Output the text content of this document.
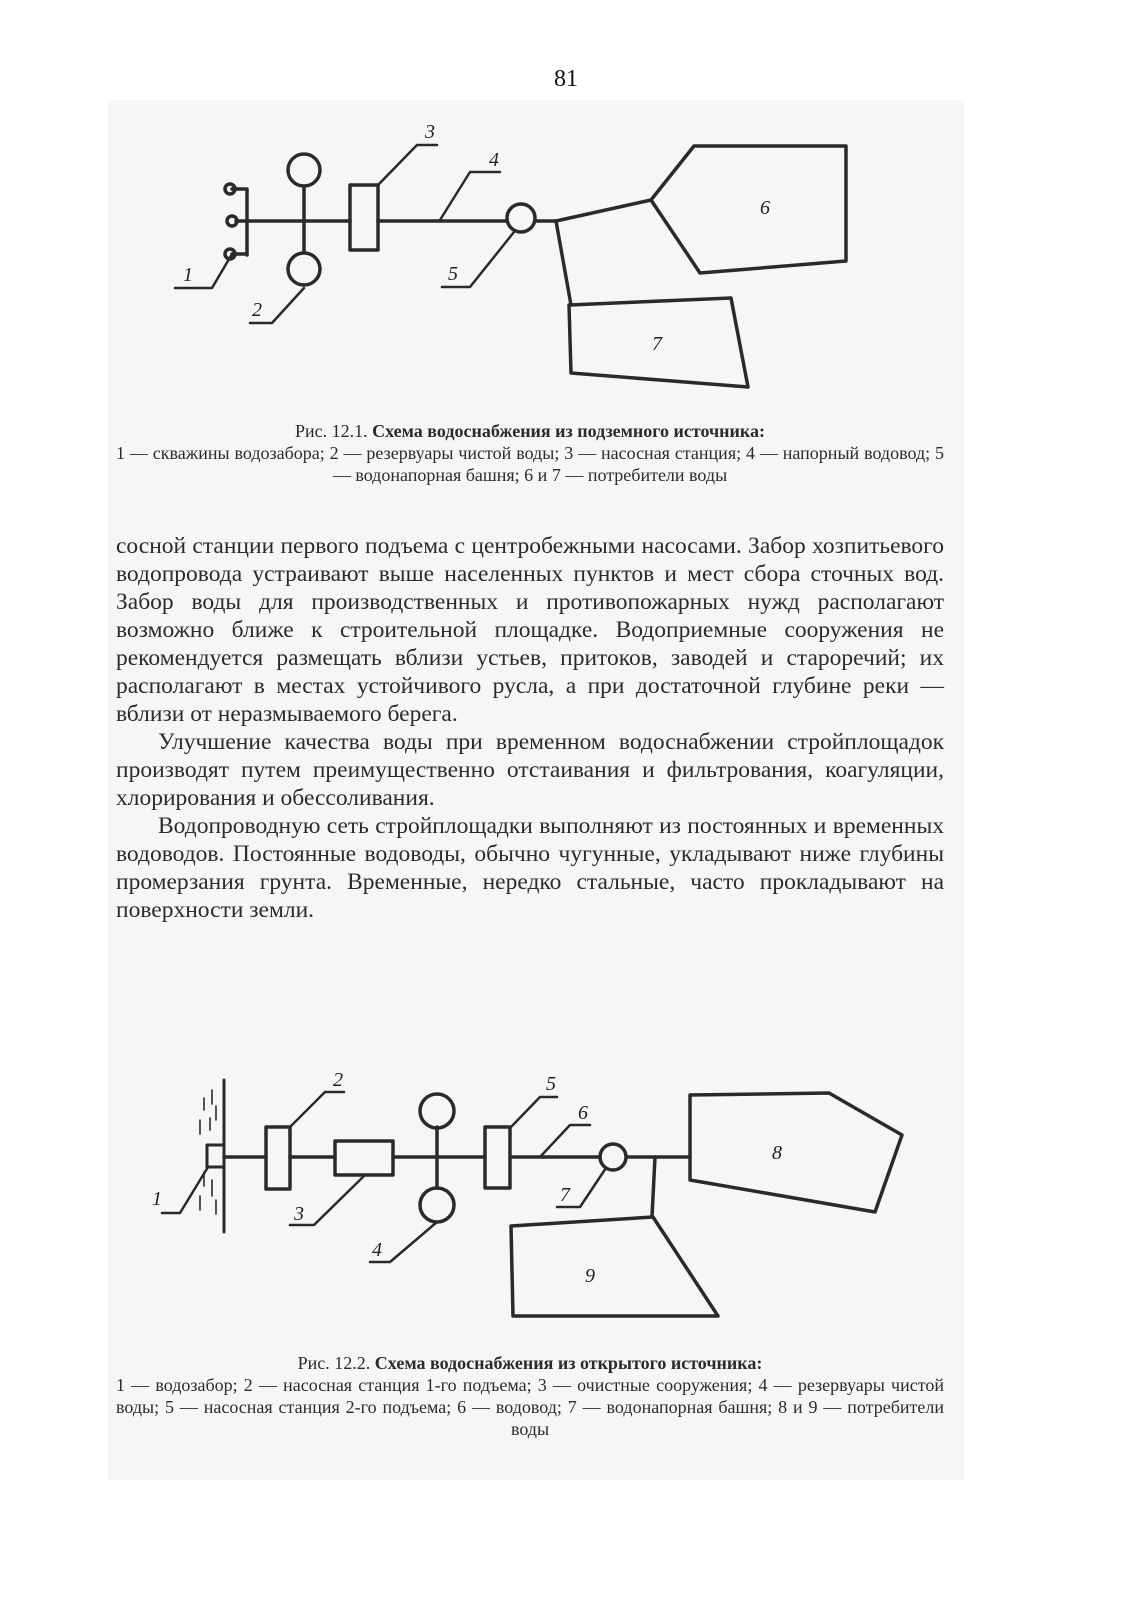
81
1
2
3
4
5
6
7
Рис. 12.1. Схема водоснабжения из подземного источника:
1 — скважины водозабора; 2 — резервуары чистой воды; 3 — насосная станция; 4 — напорный водовод; 5 — водонапорная башня; 6 и 7 — потребители воды

сосной станции первого подъема с центробежными насосами. Забор хозпитьевого водопровода устраивают выше населенных пунктов и мест сбора сточных вод. Забор воды для производственных и противопожарных нужд располагают возможно ближе к строительной площадке. Водоприемные сооружения не рекомендуется размещать вблизи устьев, притоков, заводей и староречий; их располагают в местах устойчивого русла, а при достаточной глубине реки — вблизи от неразмываемого берега.

Улучшение качества воды при временном водоснабжении стройплощадок производят путем преимущественно отстаивания и фильтрования, коагуляции, хлорирования и обессоливания.

Водопроводную сеть стройплощадки выполняют из постоянных и временных водоводов. Постоянные водоводы, обычно чугунные, укладывают ниже глубины промерзания грунта. Временные, нередко стальные, часто прокладывают на поверхности земли.

1
2
3
4
5
6
7
8
9
Рис. 12.2. Схема водоснабжения из открытого источника:
1 — водозабор; 2 — насосная станция 1-го подъема; 3 — очистные сооружения; 4 — резервуары чистой воды; 5 — насосная станция 2-го подъема; 6 — водовод; 7 — водонапорная башня; 8 и 9 — потребители воды
